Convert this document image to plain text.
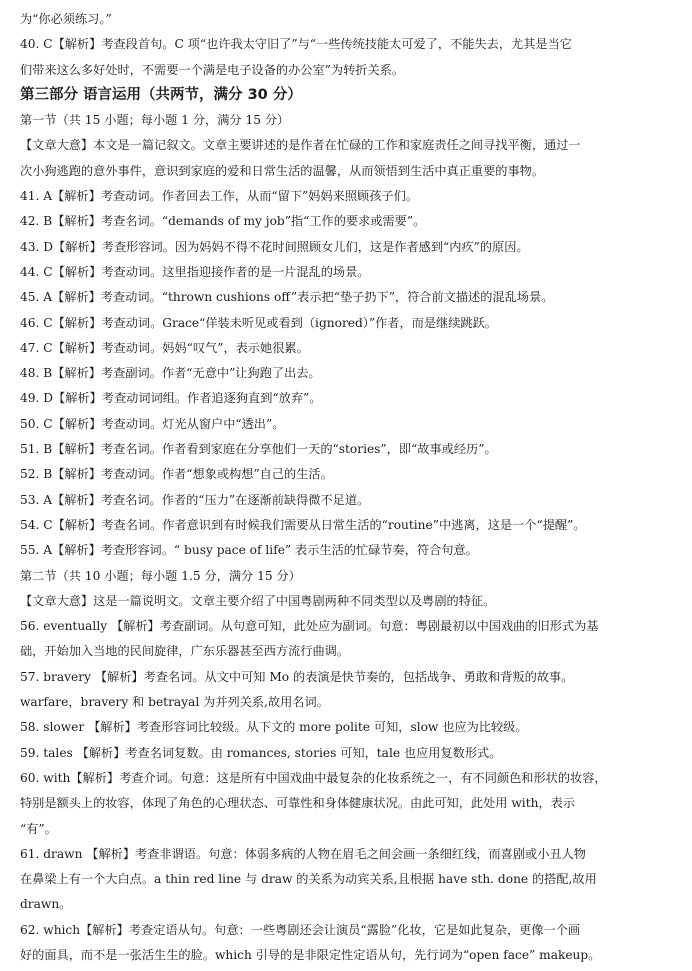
为“你必须练习。”
40. C【解析】考查段首句。C 项“也许我太守旧了”与“一些传统技能太可爱了，不能失去，尤其是当它
们带来这么多好处时，不需要一个满是电子设备的办公室”为转折关系。
第三部分 语言运用（共两节，满分 30 分）
第一节（共 15 小题；每小题 1 分，满分 15 分）
【文章大意】本文是一篇记叙文。文章主要讲述的是作者在忙碌的工作和家庭责任之间寻找平衡，通过一
次小狗逃跑的意外事件，意识到家庭的爱和日常生活的温馨，从而领悟到生活中真正重要的事物。
41. A【解析】考查动词。作者回去工作，从而“留下”妈妈来照顾孩子们。
42. B【解析】考查名词。“demands of my job”指“工作的要求或需要”。
43. D【解析】考查形容词。因为妈妈不得不花时间照顾女儿们，这是作者感到“内疚”的原因。
44. C【解析】考查动词。这里指迎接作者的是一片混乱的场景。
45. A【解析】考查动词。“thrown cushions off”表示把“垫子扔下”，符合前文描述的混乱场景。
46. C【解析】考查动词。Grace“佯装未听见或看到（ignored）”作者，而是继续跳跃。
47. C【解析】考查动词。妈妈“叹气”，表示她很累。
48. B【解析】考查副词。作者“无意中”让狗跑了出去。
49. D【解析】考查动词词组。作者追逐狗直到“放弃”。
50. C【解析】考查动词。灯光从窗户中“透出”。
51. B【解析】考查名词。作者看到家庭在分享他们一天的“stories”，即“故事或经历”。
52. B【解析】考查动词。作者“想象或构想”自己的生活。
53. A【解析】考查名词。作者的“压力”在逐渐前缺得微不足道。
54. C【解析】考查名词。作者意识到有时候我们需要从日常生活的“routine”中逃离，这是一个“提醒”。
55. A【解析】考查形容词。“ busy pace of life” 表示生活的忙碌节奏，符合句意。
第二节（共 10 小题；每小题 1.5 分，满分 15 分）
【文章大意】这是一篇说明文。文章主要介绍了中国粤剧两种不同类型以及粤剧的特征。
56. eventually 【解析】考查副词。从句意可知，此处应为副词。句意：粤剧最初以中国戏曲的旧形式为基
础，开始加入当地的民间旋律，广东乐器甚至西方流行曲调。
57. bravery 【解析】考查名词。从文中可知 Mo 的表演是快节奏的，包括战争、勇敢和背叛的故事。
warfare，bravery 和 betrayal 为并列关系,故用名词。
58. slower 【解析】考查形容词比较级。从下文的 more polite 可知，slow 也应为比较级。
59. tales 【解析】考查名词复数。由 romances, stories 可知，tale 也应用复数形式。
60. with【解析】考查介词。句意：这是所有中国戏曲中最复杂的化妆系统之一，有不同颜色和形状的妆容，
特别是额头上的妆容，体现了角色的心理状态、可靠性和身体健康状况。由此可知，此处用 with，表示
“有”。
61. drawn 【解析】考查非谓语。句意：体弱多病的人物在眉毛之间会画一条细红线，而喜剧或小丑人物
在鼻梁上有一个大白点。a thin red line 与 draw 的关系为动宾关系,且根据 have sth. done 的搭配,故用
drawn。
62. which【解析】考查定语从句。句意：一些粤剧还会让演员“露脸”化妆，它是如此复杂，更像一个画
好的面具，而不是一张活生生的脸。which 引导的是非限定性定语从句，先行词为“open face” makeup。
